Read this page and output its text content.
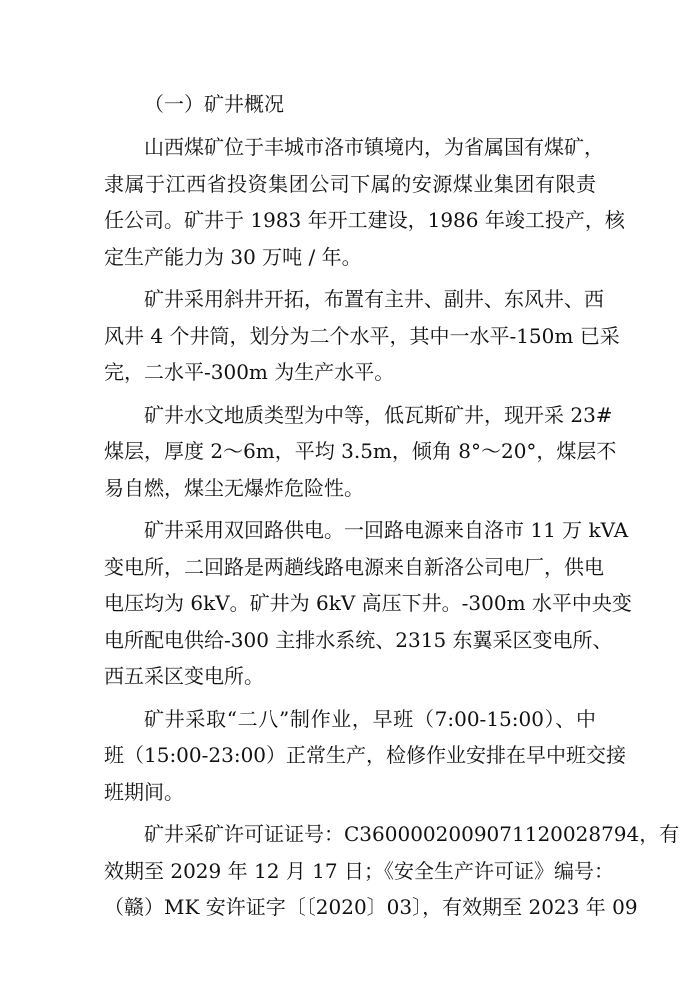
（一）矿井概况
山西煤矿位于丰城市洛市镇境内，为省属国有煤矿，
隶属于江西省投资集团公司下属的安源煤业集团有限责
任公司。矿井于 1983 年开工建设，1986 年竣工投产，核
定生产能力为 30 万吨 / 年。
矿井采用斜井开拓，布置有主井、副井、东风井、西
风井 4 个井筒，划分为二个水平，其中一水平-150m 已采
完，二水平-300m 为生产水平。
矿井水文地质类型为中等，低瓦斯矿井，现开采 23#
煤层，厚度 2～6m，平均 3.5m，倾角 8°～20°，煤层不
易自燃，煤尘无爆炸危险性。
矿井采用双回路供电。一回路电源来自洛市 11 万 kVA
变电所，二回路是两趟线路电源来自新洛公司电厂，供电
电压均为 6kV。矿井为 6kV 高压下井。-300m 水平中央变
电所配电供给-300 主排水系统、2315 东翼采区变电所、
西五采区变电所。
矿井采取“二八”制作业，早班（7:00-15:00）、中
班（15:00-23:00）正常生产，检修作业安排在早中班交接
班期间。
矿井采矿许可证证号：C3600002009071120028794，有
效期至 2029 年 12 月 17 日；《安全生产许可证》编号：
（赣）MK 安许证字〔〔2020〕03〕，有效期至 2023 年 09
